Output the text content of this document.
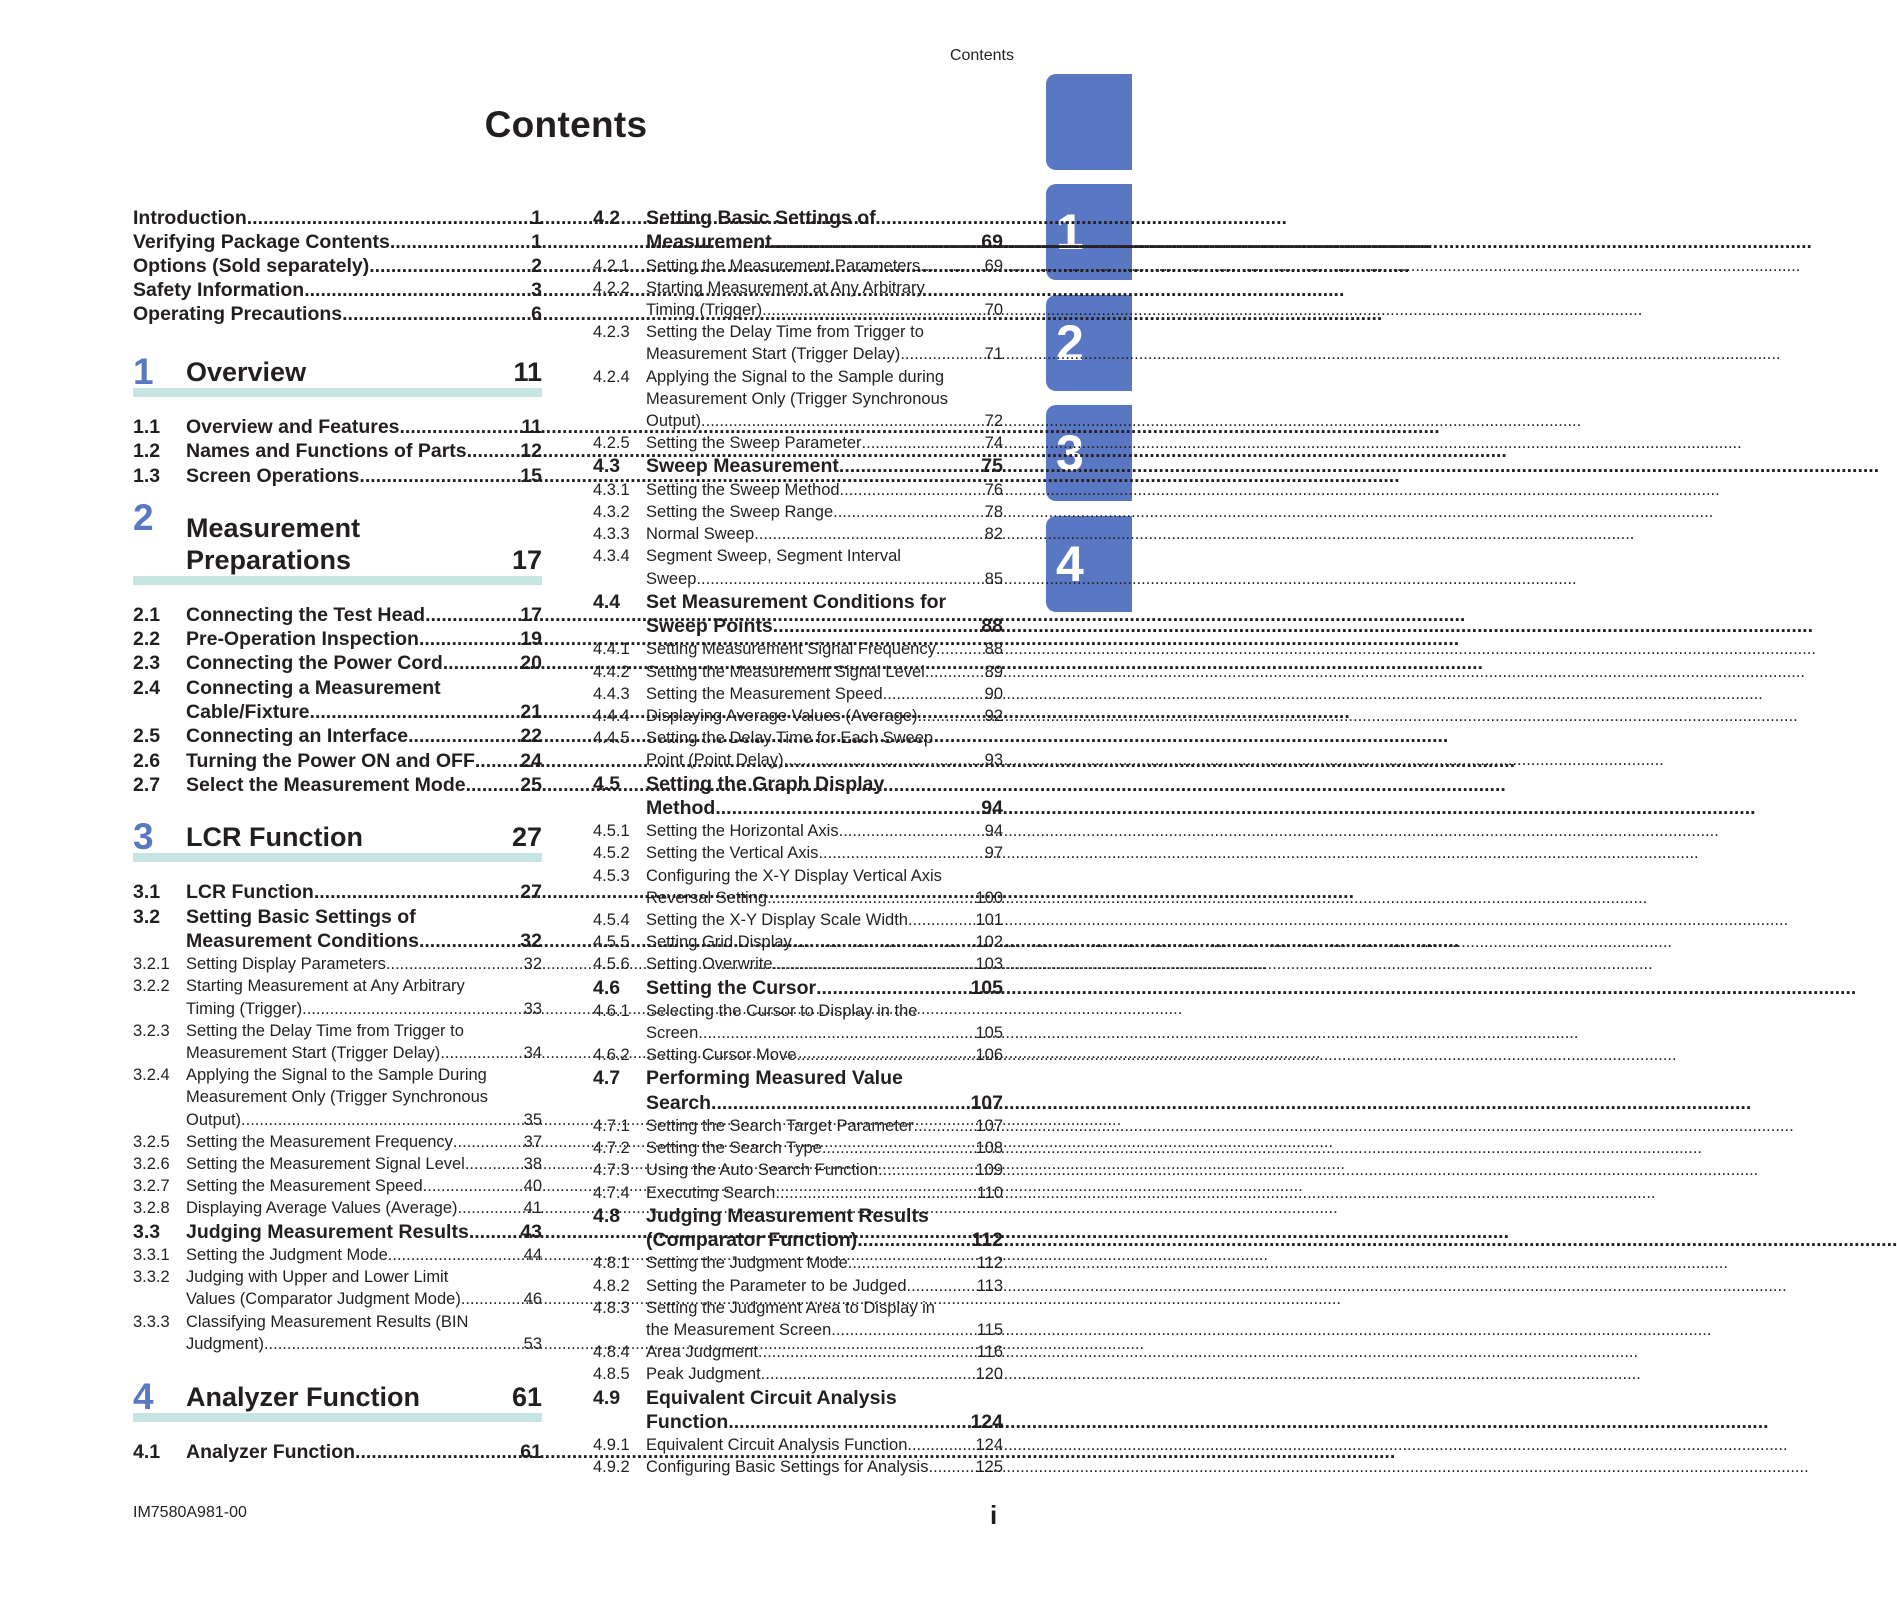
Contents
Contents
1
2
3
4
Introduction .....	1
Verifying Package Contents .....	1
Options (Sold separately) .....	2
Safety Information .....	3
Operating Precautions .....	6
1 Overview	11
1.1	Overview and Features .....	11
1.2	Names and Functions of Parts .....	12
1.3	Screen Operations .....	15
2 Measurement
Preparations	17
2.1	Connecting the Test Head .....	17
2.2	Pre-Operation Inspection .....	19
2.3	Connecting the Power Cord .....	20
2.4	Connecting a Measurement
Cable/Fixture .....	21
2.5	Connecting an Interface .....	22
2.6	Turning the Power ON and OFF ..... 24
2.7	Select the Measurement Mode .....	25
3 LCR Function	27
3.1	LCR Function .....	27
3.2	Setting Basic Settings of
Measurement Conditions .....	32
3.2.1 Setting Display Parameters .....	32
3.2.2 Starting Measurement at Any Arbitrary
Timing (Trigger) .....	33
3.2.3 Setting the Delay Time from Trigger to
Measurement Start (Trigger Delay) .....	34
3.2.4 Applying the Signal to the Sample During
Measurement Only (Trigger Synchronous
Output) .....	35
3.2.5 Setting the Measurement Frequency .....	37
3.2.6 Setting the Measurement Signal Level .....	38
3.2.7 Setting the Measurement Speed .....	40
3.2.8 Displaying Average Values (Average) .....	41
3.3	Judging Measurement Results .....	43
3.3.1 Setting the Judgment Mode .....	44
3.3.2 Judging with Upper and Lower Limit
Values (Comparator Judgment Mode) .....	46
3.3.3 Classifying Measurement Results (BIN
Judgment) .....	53
4 Analyzer Function	61
4.1	Analyzer Function .....	61
4.2	Setting Basic Settings of
Measurement .....	69
4.2.1 Setting the Measurement Parameters .....	69
4.2.2 Starting Measurement at Any Arbitrary
Timing (Trigger) .....	70
4.2.3 Setting the Delay Time from Trigger to
Measurement Start (Trigger Delay) .....	71
4.2.4 Applying the Signal to the Sample during
Measurement Only (Trigger Synchronous
Output) .....	72
4.2.5 Setting the Sweep Parameter .....	74
4.3	Sweep Measurement .....	75
4.3.1 Setting the Sweep Method .....	76
4.3.2 Setting the Sweep Range .....	78
4.3.3 Normal Sweep .....	82
4.3.4 Segment Sweep, Segment Interval
Sweep .....	85
4.4	Set Measurement Conditions for
Sweep Points .....	88
4.4.1 Setting Measurement Signal Frequency .....	88
4.4.2 Setting the Measurement Signal Level .....	89
4.4.3 Setting the Measurement Speed .....	90
4.4.4 Displaying Average Values (Average) .....	92
4.4.5 Setting the Delay Time for Each Sweep
Point (Point Delay) .....	93
4.5	Setting the Graph Display
Method .....	94
4.5.1 Setting the Horizontal Axis .....	94
4.5.2 Setting the Vertical Axis .....	97
4.5.3 Configuring the X-Y Display Vertical Axis
Reversal Setting .....	100
4.5.4 Setting the X-Y Display Scale Width .....	101
4.5.5 Setting Grid Display .....	102
4.5.6 Setting Overwrite .....	103
4.6	Setting the Cursor .....	105
4.6.1 Selecting the Cursor to Display in the
Screen .....	105
4.6.2 Setting Cursor Move .....	106
4.7	Performing Measured Value
Search .....	107
4.7.1 Setting the Search Target Parameter .....	107
4.7.2 Setting the Search Type .....	108
4.7.3 Using the Auto Search Function .....	109
4.7.4 Executing Search .....	110
4.8	Judging Measurement Results
(Comparator Function) .....	112
4.8.1 Setting the Judgment Mode .....	112
4.8.2 Setting the Parameter to be Judged .....	113
4.8.3 Setting the Judgment Area to Display in
the Measurement Screen .....	115
4.8.4 Area Judgment .....	116
4.8.5 Peak Judgment .....	120
4.9	Equivalent Circuit Analysis
Function .....	124
4.9.1 Equivalent Circuit Analysis Function .....	124
4.9.2 Configuring Basic Settings for Analysis .....	125
IM7580A981-00	i
